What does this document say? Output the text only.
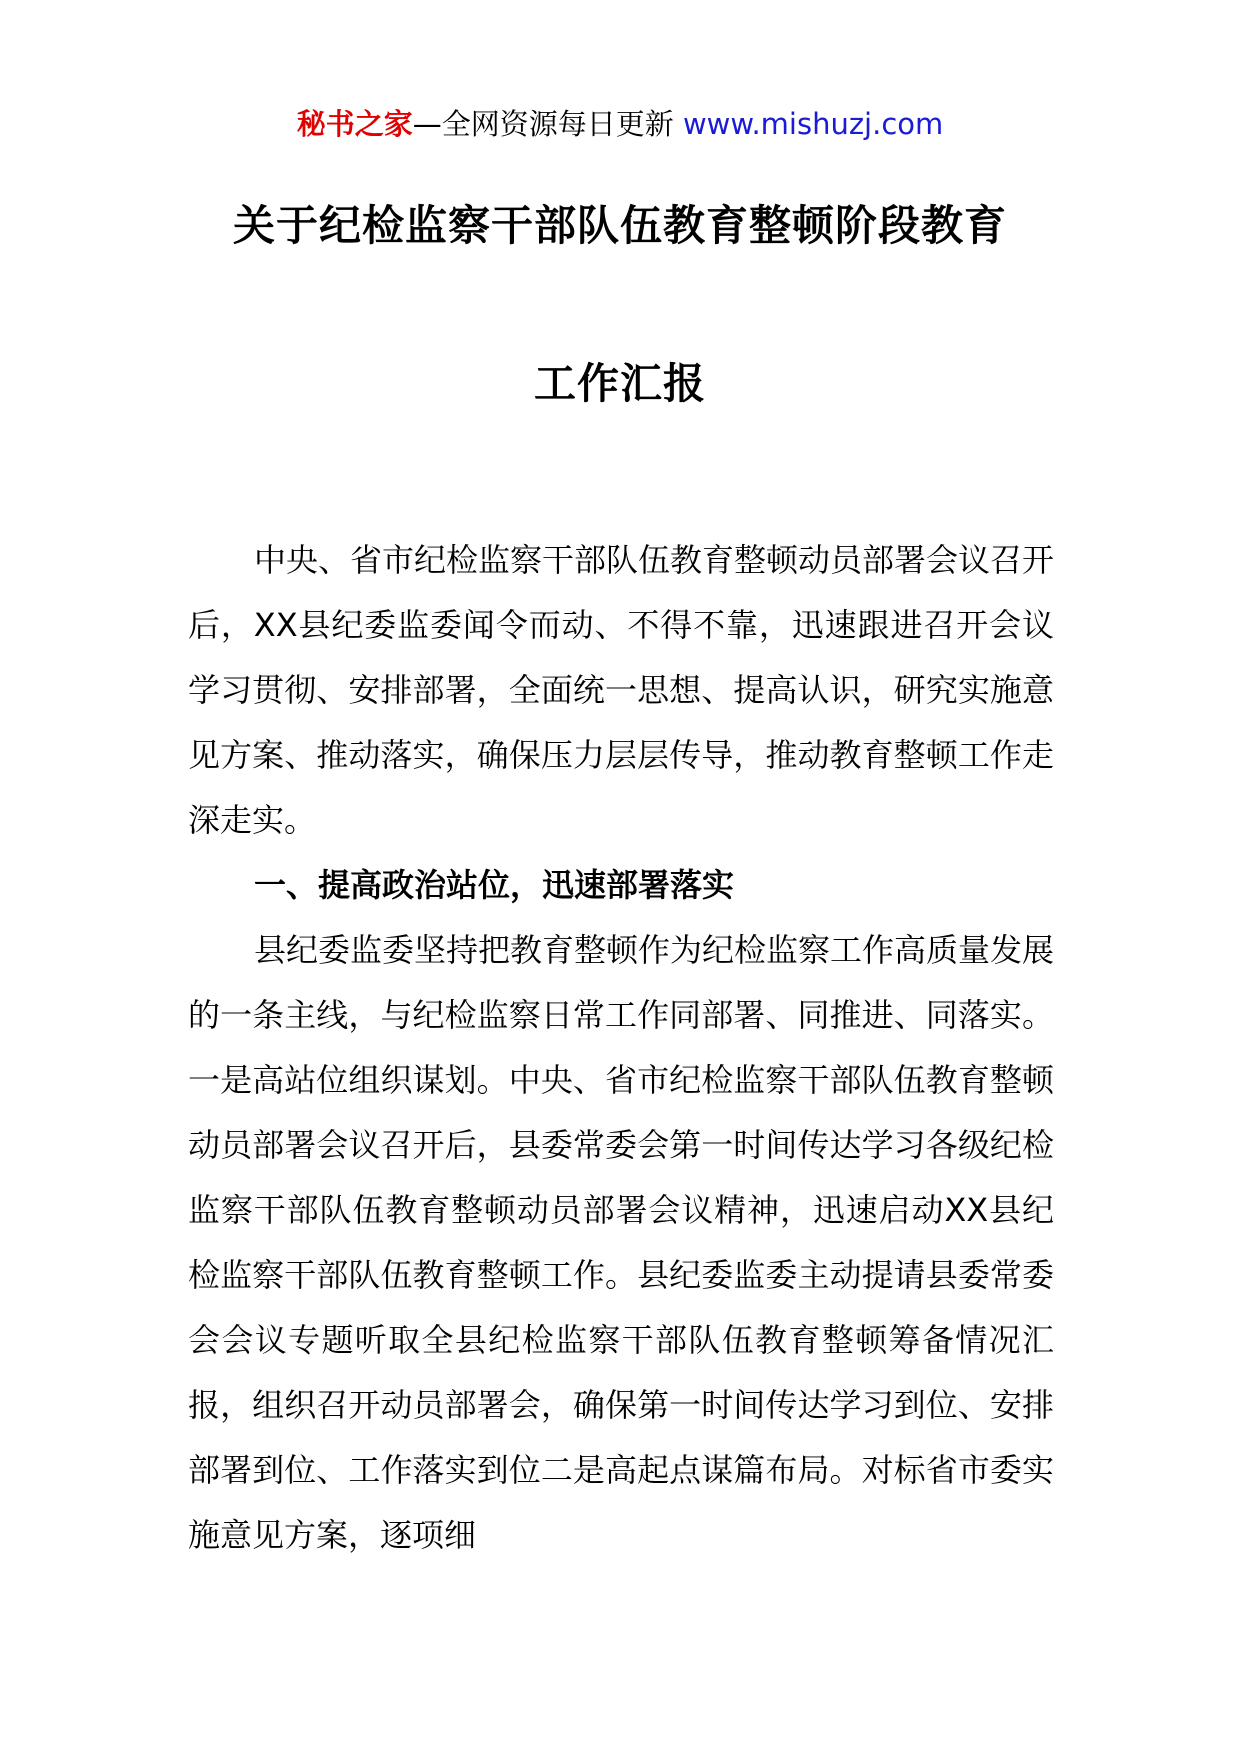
秘书之家—全网资源每日更新 www.mishuzj.com
关于纪检监察干部队伍教育整顿阶段教育
工作汇报

中央、省市纪检监察干部队伍教育整顿动员部署会议召开后，XX县纪委监委闻令而动、不得不靠，迅速跟进召开会议学习贯彻、安排部署，全面统一思想、提高认识，研究实施意见方案、推动落实，确保压力层层传导，推动教育整顿工作走深走实。

一、提高政治站位，迅速部署落实

县纪委监委坚持把教育整顿作为纪检监察工作高质量发展的一条主线，与纪检监察日常工作同部署、同推进、同落实。一是高站位组织谋划。中央、省市纪检监察干部队伍教育整顿动员部署会议召开后，县委常委会第一时间传达学习各级纪检监察干部队伍教育整顿动员部署会议精神，迅速启动XX县纪检监察干部队伍教育整顿工作。县纪委监委主动提请县委常委会会议专题听取全县纪检监察干部队伍教育整顿筹备情况汇报，组织召开动员部署会，确保第一时间传达学习到位、安排部署到位、工作落实到位二是高起点谋篇布局。对标省市委实施意见方案，逐项细
